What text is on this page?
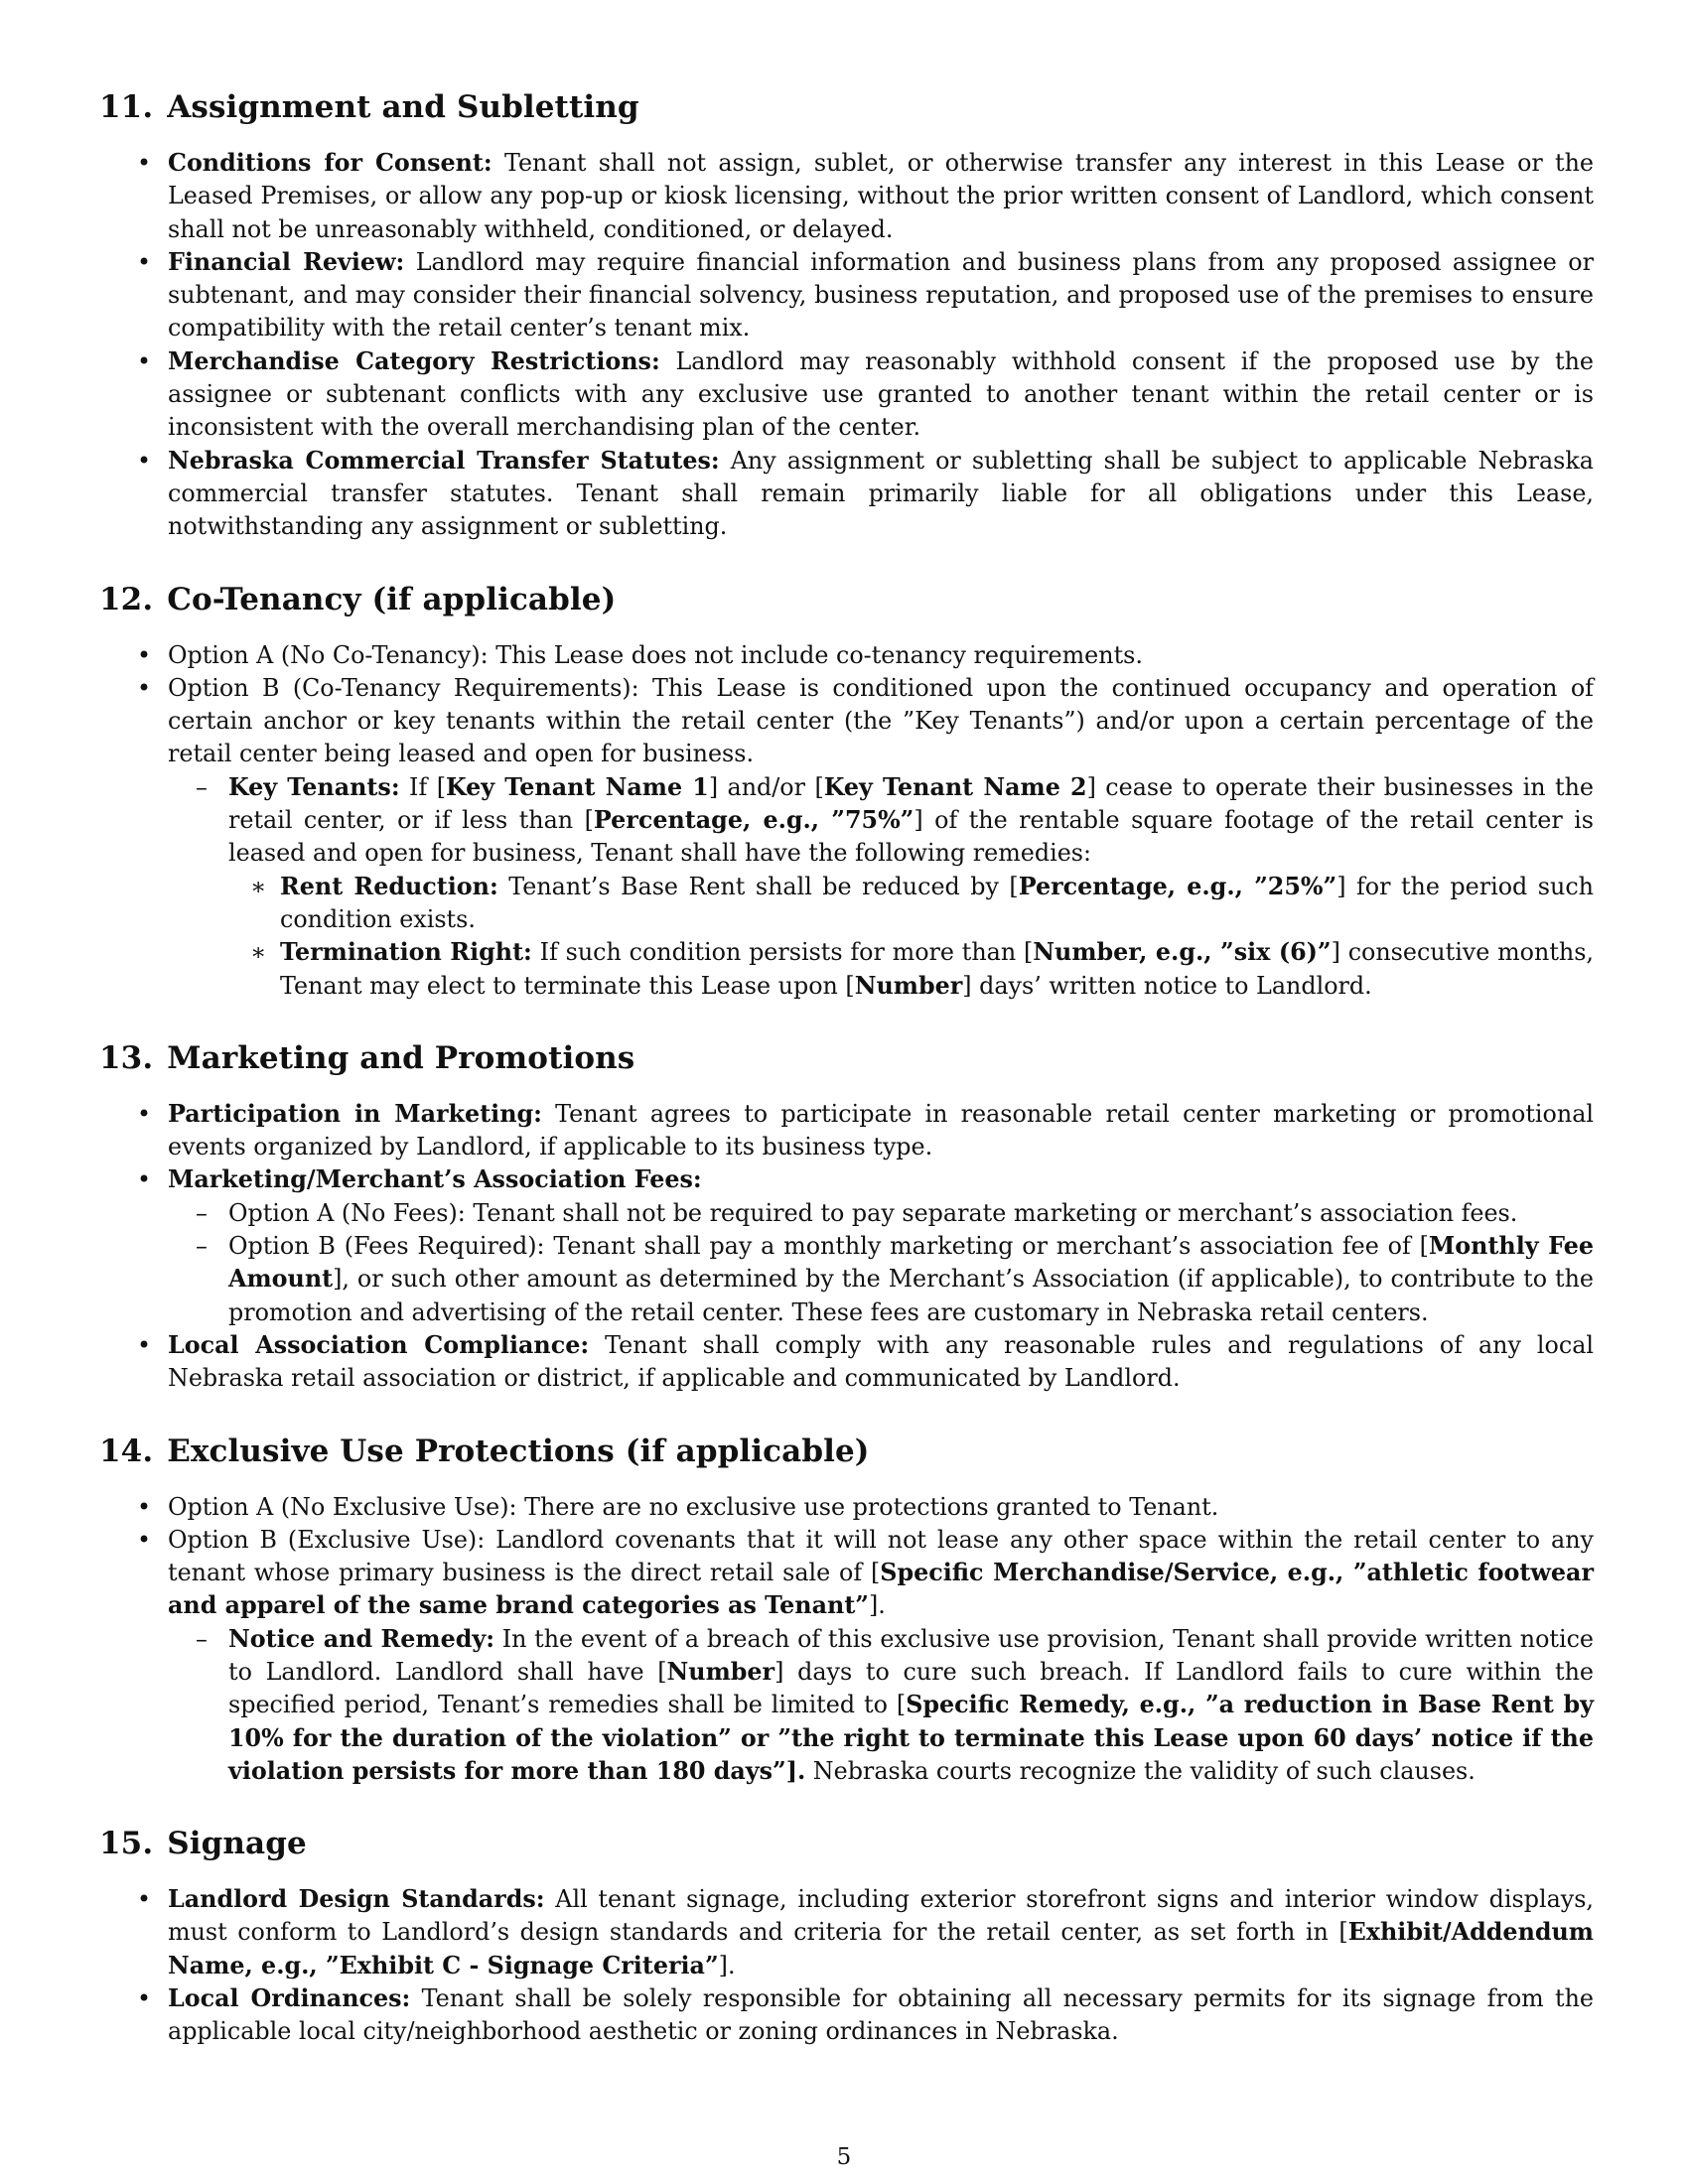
11. Assignment and Subletting
• Conditions for Consent: Tenant shall not assign, sublet, or otherwise transfer any interest in this Lease or the Leased Premises, or allow any pop-up or kiosk licensing, without the prior written consent of Landlord, which consent shall not be unreasonably withheld, conditioned, or delayed.
• Financial Review: Landlord may require financial information and business plans from any proposed assignee or subtenant, and may consider their financial solvency, business reputation, and proposed use of the premises to ensure compatibility with the retail center’s tenant mix.
• Merchandise Category Restrictions: Landlord may reasonably withhold consent if the proposed use by the assignee or subtenant conflicts with any exclusive use granted to another tenant within the retail center or is inconsistent with the overall merchandising plan of the center.
• Nebraska Commercial Transfer Statutes: Any assignment or subletting shall be subject to applicable Nebraska commercial transfer statutes. Tenant shall remain primarily liable for all obligations under this Lease, notwithstanding any assignment or subletting.
12. Co-Tenancy (if applicable)
• Option A (No Co-Tenancy): This Lease does not include co-tenancy requirements.
• Option B (Co-Tenancy Requirements): This Lease is conditioned upon the continued occupancy and operation of certain anchor or key tenants within the retail center (the ”Key Tenants”) and/or upon a certain percentage of the retail center being leased and open for business.
– Key Tenants: If [Key Tenant Name 1] and/or [Key Tenant Name 2] cease to operate their businesses in the retail center, or if less than [Percentage, e.g., ”75%”] of the rentable square footage of the retail center is leased and open for business, Tenant shall have the following remedies:
∗ Rent Reduction: Tenant’s Base Rent shall be reduced by [Percentage, e.g., ”25%”] for the period such condition exists.
∗ Termination Right: If such condition persists for more than [Number, e.g., ”six (6)”] consecutive months, Tenant may elect to terminate this Lease upon [Number] days’ written notice to Landlord.
13. Marketing and Promotions
• Participation in Marketing: Tenant agrees to participate in reasonable retail center marketing or promotional events organized by Landlord, if applicable to its business type.
• Marketing/Merchant’s Association Fees:
– Option A (No Fees): Tenant shall not be required to pay separate marketing or merchant’s association fees.
– Option B (Fees Required): Tenant shall pay a monthly marketing or merchant’s association fee of [Monthly Fee Amount], or such other amount as determined by the Merchant’s Association (if applicable), to contribute to the promotion and advertising of the retail center. These fees are customary in Nebraska retail centers.
• Local Association Compliance: Tenant shall comply with any reasonable rules and regulations of any local Nebraska retail association or district, if applicable and communicated by Landlord.
14. Exclusive Use Protections (if applicable)
• Option A (No Exclusive Use): There are no exclusive use protections granted to Tenant.
• Option B (Exclusive Use): Landlord covenants that it will not lease any other space within the retail center to any tenant whose primary business is the direct retail sale of [Specific Merchandise/Service, e.g., ”athletic footwear and apparel of the same brand categories as Tenant”].
– Notice and Remedy: In the event of a breach of this exclusive use provision, Tenant shall provide written notice to Landlord. Landlord shall have [Number] days to cure such breach. If Landlord fails to cure within the specified period, Tenant’s remedies shall be limited to [Specific Remedy, e.g., ”a reduction in Base Rent by 10% for the duration of the violation” or ”the right to terminate this Lease upon 60 days’ notice if the violation persists for more than 180 days”]. Nebraska courts recognize the validity of such clauses.
15. Signage
• Landlord Design Standards: All tenant signage, including exterior storefront signs and interior window displays, must conform to Landlord’s design standards and criteria for the retail center, as set forth in [Exhibit/Addendum Name, e.g., ”Exhibit C - Signage Criteria”].
• Local Ordinances: Tenant shall be solely responsible for obtaining all necessary permits for its signage from the applicable local city/neighborhood aesthetic or zoning ordinances in Nebraska.
5
